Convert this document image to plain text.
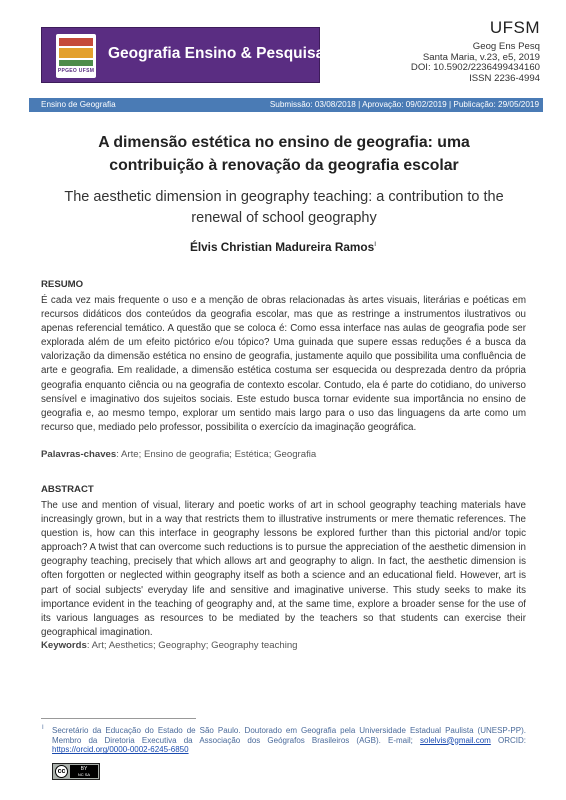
PPGEO UFSM
Geografia Ensino & Pesquisa
UFSM
Geog Ens Pesq
Santa Maria, v.23, e5, 2019
DOI: 10.5902/2236499434160
ISSN 2236-4994
Ensino de Geografia	Submissão: 03/08/2018 | Aprovação: 09/02/2019 | Publicação: 29/05/2019
A dimensão estética no ensino de geografia: uma contribuição à renovação da geografia escolar
The aesthetic dimension in geography teaching: a contribution to the renewal of school geography
Élvis Christian Madureira Ramos$^I$
RESUMO
É cada vez mais frequente o uso e a menção de obras relacionadas às artes visuais, literárias e poéticas em recursos didáticos dos conteúdos da geografia escolar, mas que as restringe a instrumentos ilustrativos ou apenas referencial temático. A questão que se coloca é: Como essa interface nas aulas de geografia pode ser explorada além de um efeito pictórico e/ou tópico? Uma guinada que supere essas reduções é a busca da valorização da dimensão estética no ensino de geografia, justamente aquilo que possibilita uma confluência de arte e geografia. Em realidade, a dimensão estética costuma ser esquecida ou desprezada dentro da própria geografia enquanto ciência ou na geografia de contexto escolar. Contudo, ela é parte do cotidiano, do universo sensível e imaginativo dos sujeitos sociais. Este estudo busca tornar evidente sua importância no ensino de geografia e, ao mesmo tempo, explorar um sentido mais largo para o uso das linguagens da arte como um recurso que, mediado pelo professor, possibilita o exercício da imaginação geográfica.
Palavras-chaves: Arte; Ensino de geografia; Estética; Geografia
ABSTRACT
The use and mention of visual, literary and poetic works of art in school geography teaching materials have increasingly grown, but in a way that restricts them to illustrative instruments or mere thematic references. The question is, how can this interface in geography lessons be explored further than this pictorial and/or topic approach? A twist that can overcome such reductions is to pursue the appreciation of the aesthetic dimension in geography teaching, precisely that which allows art and geography to align. In fact, the aesthetic dimension is often forgotten or neglected within geography itself as both a science and an educational field. However, art is part of social subjects' everyday life and sensitive and imaginative universe. This study seeks to make its importance evident in the teaching of geography and, at the same time, explore a broader sense for the use of its various languages as resources to be mediated by the teachers so that students can exercise their geographical imagination.
Keywords: Art; Aesthetics; Geography; Geography teaching
I Secretário da Educação do Estado de São Paulo. Doutorado em Geografia pela Universidade Estadual Paulista (UNESP-PP). Membro da Diretoria Executiva da Associação dos Geógrafos Brasileiros (AGB). E-mail; solelvis@gmail.com ORCID: https://orcid.org/0000-0002-6245-6850
cc	BY
NC SA
